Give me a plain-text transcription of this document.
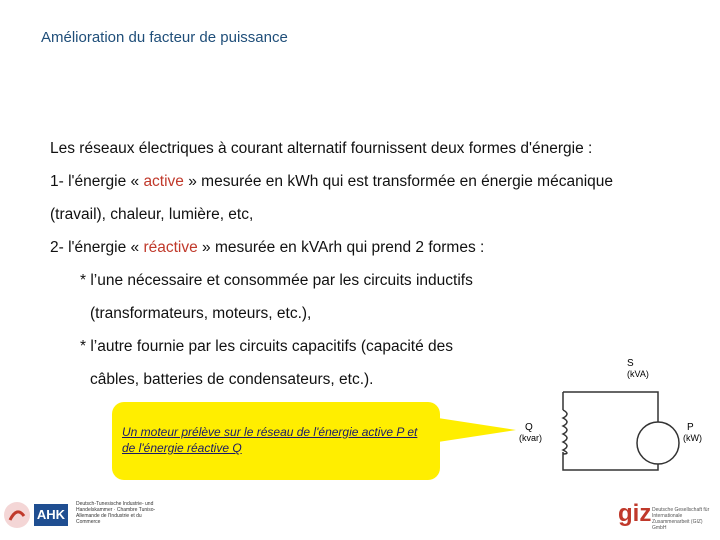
Amélioration du facteur de puissance
Les réseaux électriques à courant alternatif fournissent deux formes d'énergie :
1- l'énergie « active » mesurée en kWh qui est transformée en énergie mécanique
(travail), chaleur, lumière, etc,
2- l'énergie « réactive » mesurée en kVArh qui prend 2 formes :
* l’une nécessaire et consommée par les circuits inductifs
(transformateurs, moteurs, etc.),
* l’autre fournie par les circuits capacitifs (capacité des
câbles, batteries de condensateurs, etc.).
Un moteur prélève sur le réseau de l'énergie active P et de l'énergie réactive Q
S
(kVA)
Q
(kvar)
P
(kW)
AHK
Deutsch-Tunesische Industrie- und Handelskammer · Chambre Tuniso-Allemande de l'Industrie et du Commerce	giz Deutsche Gesellschaft für Internationale Zusammenarbeit (GIZ) GmbH
